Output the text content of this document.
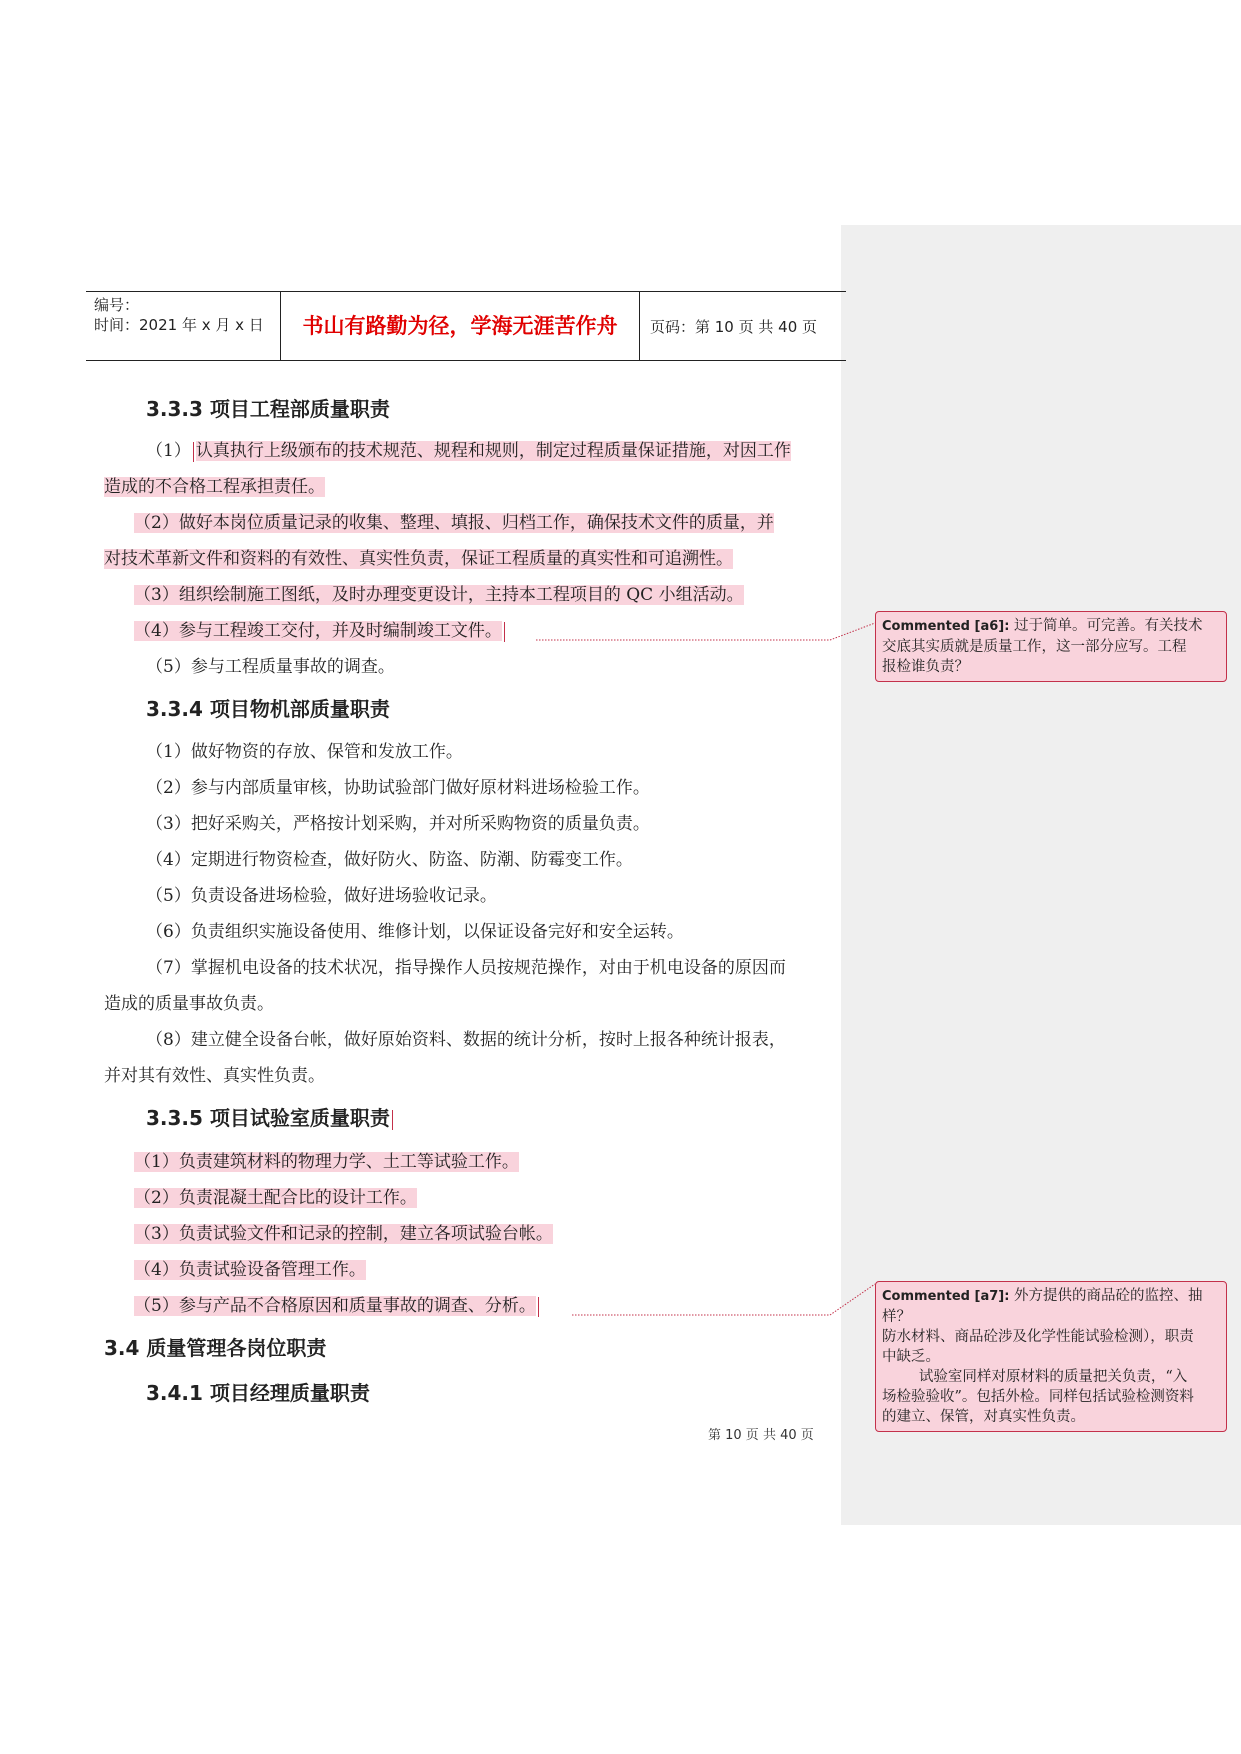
编号：
时间：2021 年 x 月 x 日	书山有路勤为径，学海无涯苦作舟	页码：第 10 页 共 40 页
3.3.3 项目工程部质量职责
（1） 认真执行上级颁布的技术规范、规程和规则，制定过程质量保证措施，对因工作
造成的不合格工程承担责任。
（2）做好本岗位质量记录的收集、整理、填报、归档工作，确保技术文件的质量，并
对技术革新文件和资料的有效性、真实性负责，保证工程质量的真实性和可追溯性。
（3）组织绘制施工图纸，及时办理变更设计，主持本工程项目的 QC 小组活动。
（4）参与工程竣工交付，并及时编制竣工文件。
（5）参与工程质量事故的调查。
3.3.4 项目物机部质量职责
（1）做好物资的存放、保管和发放工作。
（2）参与内部质量审核，协助试验部门做好原材料进场检验工作。
（3）把好采购关，严格按计划采购，并对所采购物资的质量负责。
（4）定期进行物资检查，做好防火、防盗、防潮、防霉变工作。
（5）负责设备进场检验，做好进场验收记录。
（6）负责组织实施设备使用、维修计划，以保证设备完好和安全运转。
（7）掌握机电设备的技术状况，指导操作人员按规范操作，对由于机电设备的原因而
造成的质量事故负责。
（8）建立健全设备台帐，做好原始资料、数据的统计分析，按时上报各种统计报表，
并对其有效性、真实性负责。
3.3.5 项目试验室质量职责
（1）负责建筑材料的物理力学、土工等试验工作。
（2）负责混凝土配合比的设计工作。
（3）负责试验文件和记录的控制，建立各项试验台帐。
（4）负责试验设备管理工作。
（5）参与产品不合格原因和质量事故的调查、分析。
3.4 质量管理各岗位职责
3.4.1 项目经理质量职责
第 10 页 共 40 页
Commented [a6]: 过于简单。可完善。有关技术
交底其实质就是质量工作，这一部分应写。工程
报检谁负责？
Commented [a7]: 外方提供的商品砼的监控、抽
样？
防水材料、商品砼涉及化学性能试验检测），职责
中缺乏。
试验室同样对原材料的质量把关负责，“入
场检验验收”。包括外检。同样包括试验检测资料
的建立、保管，对真实性负责。
